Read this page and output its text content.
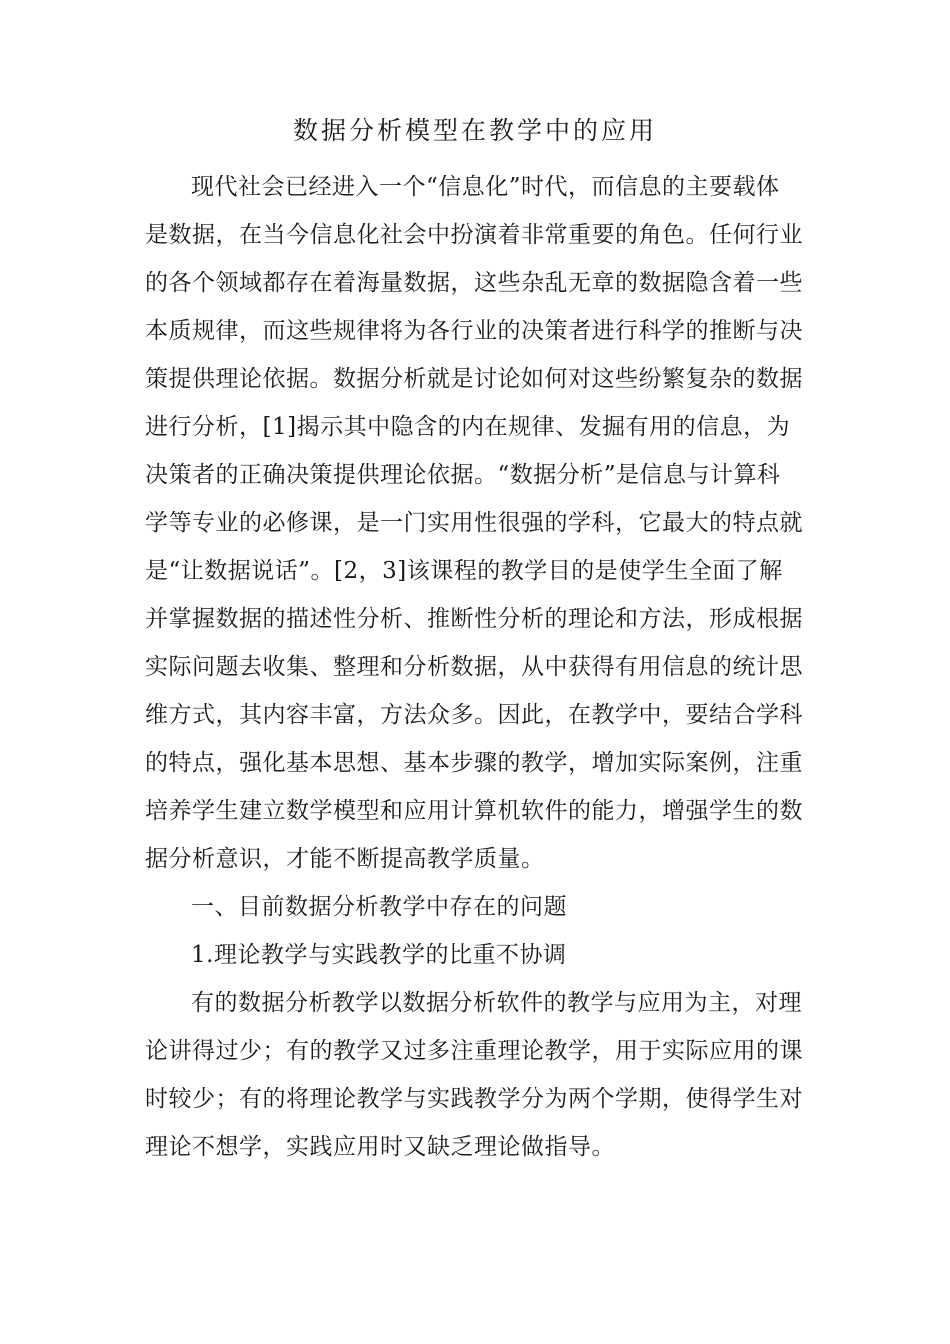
数据分析模型在教学中的应用

现代社会已经进入一个“信息化”时代，而信息的主要载体

是数据，在当今信息化社会中扮演着非常重要的角色。任何行业

的各个领域都存在着海量数据，这些杂乱无章的数据隐含着一些

本质规律，而这些规律将为各行业的决策者进行科学的推断与决

策提供理论依据。数据分析就是讨论如何对这些纷繁复杂的数据

进行分析，[1]揭示其中隐含的内在规律、发掘有用的信息，为

决策者的正确决策提供理论依据。“数据分析”是信息与计算科

学等专业的必修课，是一门实用性很强的学科，它最大的特点就

是“让数据说话”。[2，3]该课程的教学目的是使学生全面了解

并掌握数据的描述性分析、推断性分析的理论和方法，形成根据

实际问题去收集、整理和分析数据，从中获得有用信息的统计思

维方式，其内容丰富，方法众多。因此，在教学中，要结合学科

的特点，强化基本思想、基本步骤的教学，增加实际案例，注重

培养学生建立数学模型和应用计算机软件的能力，增强学生的数

据分析意识，才能不断提高教学质量。

一、目前数据分析教学中存在的问题

1.理论教学与实践教学的比重不协调

有的数据分析教学以数据分析软件的教学与应用为主，对理

论讲得过少；有的教学又过多注重理论教学，用于实际应用的课

时较少；有的将理论教学与实践教学分为两个学期，使得学生对

理论不想学，实践应用时又缺乏理论做指导。
